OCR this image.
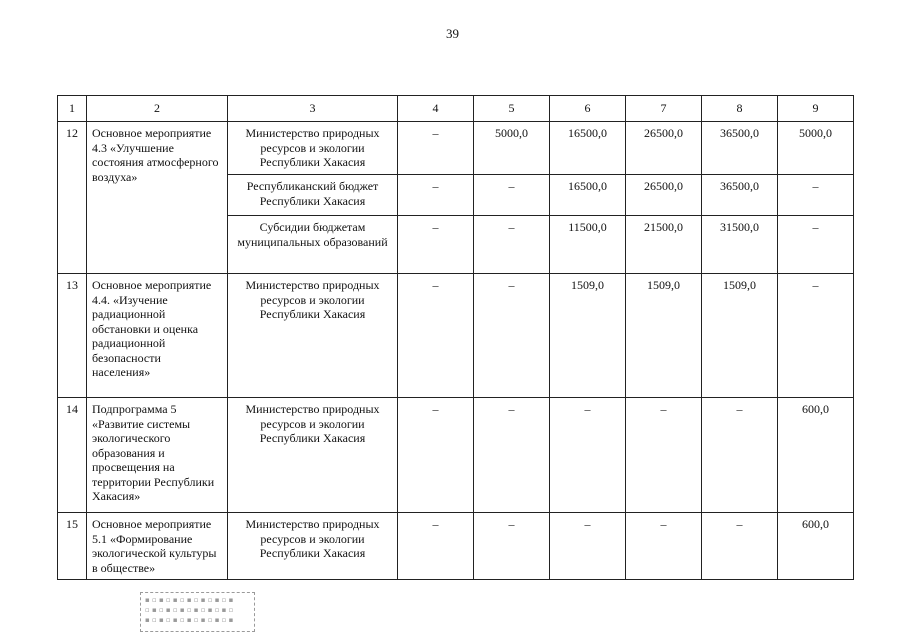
39
1	2	3	4	5	6	7	8	9
12	Основное мероприятие 4.3 «Улучшение состояния атмосферного воздуха»	Министерство природных ресурсов и экологии Республики Хакасия	–	5000,0	16500,0	26500,0	36500,0	5000,0
		Республиканский бюджет Республики Хакасия	–	–	16500,0	26500,0	36500,0	–
		Субсидии бюджетам муниципальных образований	–	–	11500,0	21500,0	31500,0	–
13	Основное мероприятие 4.4. «Изучение радиационной обстановки и оценка радиационной безопасности населения»	Министерство природных ресурсов и экологии Республики Хакасия	–	–	1509,0	1509,0	1509,0	–
14	Подпрограмма 5 «Развитие системы экологического образования и просвещения на территории Республики Хакасия»	Министерство природных ресурсов и экологии Республики Хакасия	–	–	–	–	–	600,0
15	Основное мероприятие 5.1 «Формирование экологической культуры в обществе»	Министерство природных ресурсов и экологии Республики Хакасия	–	–	–	–	–	600,0
▪ ▫ ▪ ▫ ▪ ▫ ▪ ▫ ▪ ▫ ▪ ▫ ▪
▫ ▪ ▫ ▪ ▫ ▪ ▫ ▪ ▫ ▪ ▫ ▪ ▫
▪ ▫ ▪ ▫ ▪ ▫ ▪ ▫ ▪ ▫ ▪ ▫ ▪
